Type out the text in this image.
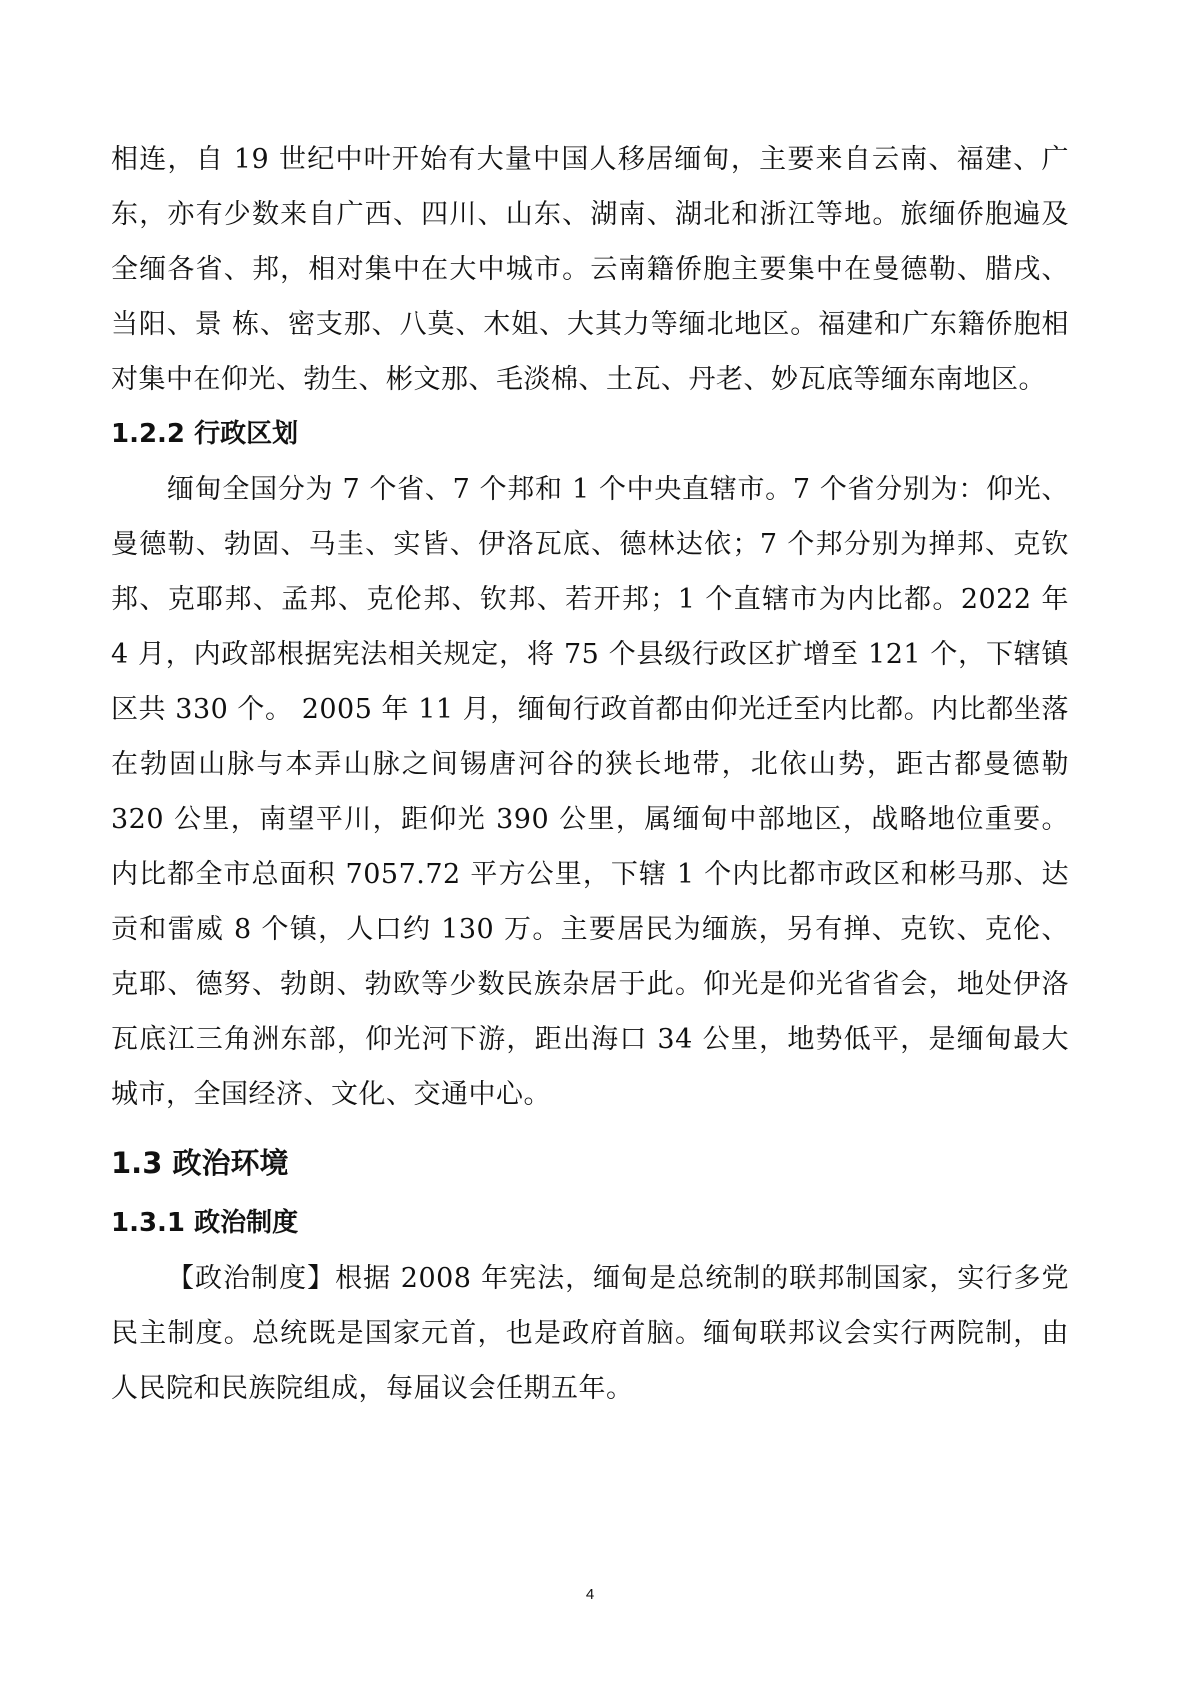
相连，自 19 世纪中叶开始有大量中国人移居缅甸，主要来自云南、福建、广东，亦有少数来自广西、四川、山东、湖南、湖北和浙江等地。旅缅侨胞遍及全缅各省、邦，相对集中在大中城市。云南籍侨胞主要集中在曼德勒、腊戌、当阳、景 栋、密支那、八莫、木姐、大其力等缅北地区。福建和广东籍侨胞相对集中在仰光、勃生、彬文那、毛淡棉、土瓦、丹老、妙瓦底等缅东南地区。

1.2.2 行政区划

缅甸全国分为 7 个省、7 个邦和 1 个中央直辖市。7 个省分别为：仰光、曼德勒、勃固、马圭、实皆、伊洛瓦底、德林达依；7 个邦分别为掸邦、克钦邦、克耶邦、孟邦、克伦邦、钦邦、若开邦；1 个直辖市为内比都。2022 年 4 月，内政部根据宪法相关规定，将 75 个县级行政区扩增至 121 个，下辖镇区共 330 个。 2005 年 11 月，缅甸行政首都由仰光迁至内比都。内比都坐落在勃固山脉与本弄山脉之间锡唐河谷的狭长地带，北依山势，距古都曼德勒 320 公里，南望平川，距仰光 390 公里，属缅甸中部地区，战略地位重要。内比都全市总面积 7057.72 平方公里，下辖 1 个内比都市政区和彬马那、达贡和雷威 8 个镇，人口约 130 万。主要居民为缅族，另有掸、克钦、克伦、克耶、德努、勃朗、勃欧等少数民族杂居于此。仰光是仰光省省会，地处伊洛瓦底江三角洲东部，仰光河下游，距出海口 34 公里，地势低平，是缅甸最大城市，全国经济、文化、交通中心。

1.3 政治环境
1.3.1 政治制度

【政治制度】根据 2008 年宪法，缅甸是总统制的联邦制国家，实行多党民主制度。总统既是国家元首，也是政府首脑。缅甸联邦议会实行两院制，由人民院和民族院组成，每届议会任期五年。

4
